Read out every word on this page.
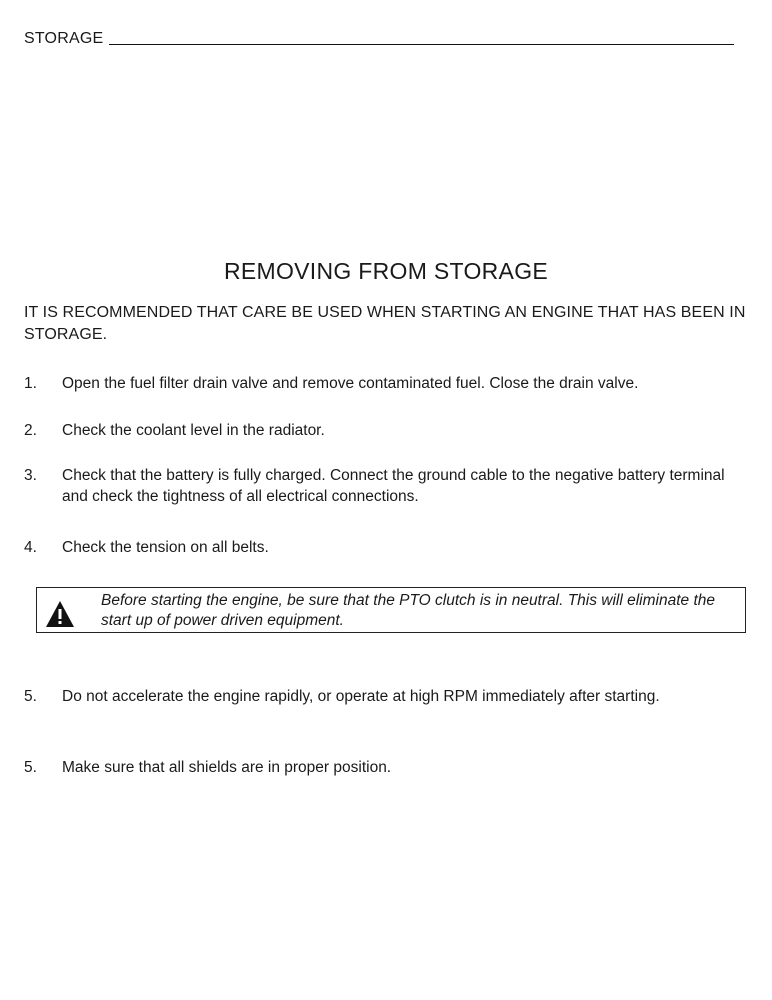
STORAGE
REMOVING FROM STORAGE
IT IS RECOMMENDED THAT CARE BE USED WHEN STARTING AN ENGINE THAT HAS BEEN IN STORAGE.
1.	Open the fuel filter drain valve and remove contaminated fuel. Close the drain valve.
2.	Check the coolant level in the radiator.
3.	Check that the battery is fully charged. Connect the ground cable to the negative battery terminal and check the tightness of all electrical connections.
4.	Check the tension on all belts.
Before starting the engine, be sure that the PTO clutch is in neutral. This will eliminate the start up of power driven equipment.
5.	Do not accelerate the engine rapidly, or operate at high RPM immediately after starting.
5.	Make sure that all shields are in proper position.
